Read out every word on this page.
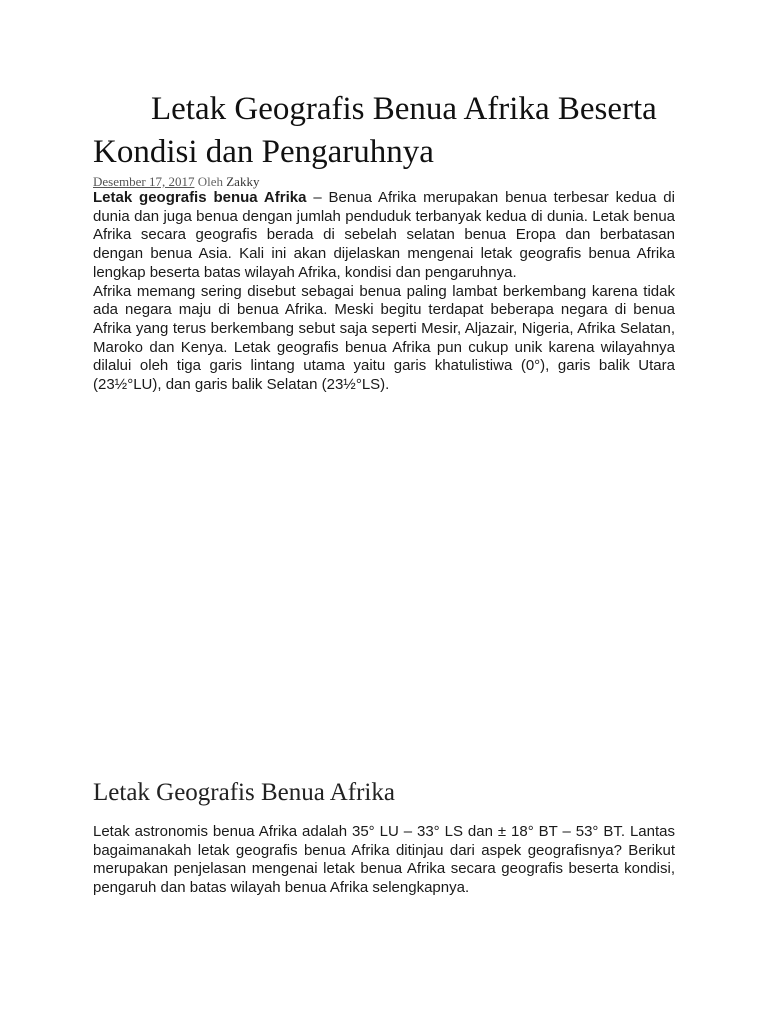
Letak Geografis Benua Afrika Beserta Kondisi dan Pengaruhnya
Desember 17, 2017 Oleh Zakky

Letak geografis benua Afrika – Benua Afrika merupakan benua terbesar kedua di dunia dan juga benua dengan jumlah penduduk terbanyak kedua di dunia. Letak benua Afrika secara geografis berada di sebelah selatan benua Eropa dan berbatasan dengan benua Asia. Kali ini akan dijelaskan mengenai letak geografis benua Afrika lengkap beserta batas wilayah Afrika, kondisi dan pengaruhnya.

Afrika memang sering disebut sebagai benua paling lambat berkembang karena tidak ada negara maju di benua Afrika. Meski begitu terdapat beberapa negara di benua Afrika yang terus berkembang sebut saja seperti Mesir, Aljazair, Nigeria, Afrika Selatan, Maroko dan Kenya. Letak geografis benua Afrika pun cukup unik karena wilayahnya dilalui oleh tiga garis lintang utama yaitu garis khatulistiwa (0°), garis balik Utara (23½°LU), dan garis balik Selatan (23½°LS).

Letak Geografis Benua Afrika

Letak astronomis benua Afrika adalah 35° LU – 33° LS dan ± 18° BT – 53° BT. Lantas bagaimanakah letak geografis benua Afrika ditinjau dari aspek geografisnya? Berikut merupakan penjelasan mengenai letak benua Afrika secara geografis beserta kondisi, pengaruh dan batas wilayah benua Afrika selengkapnya.
